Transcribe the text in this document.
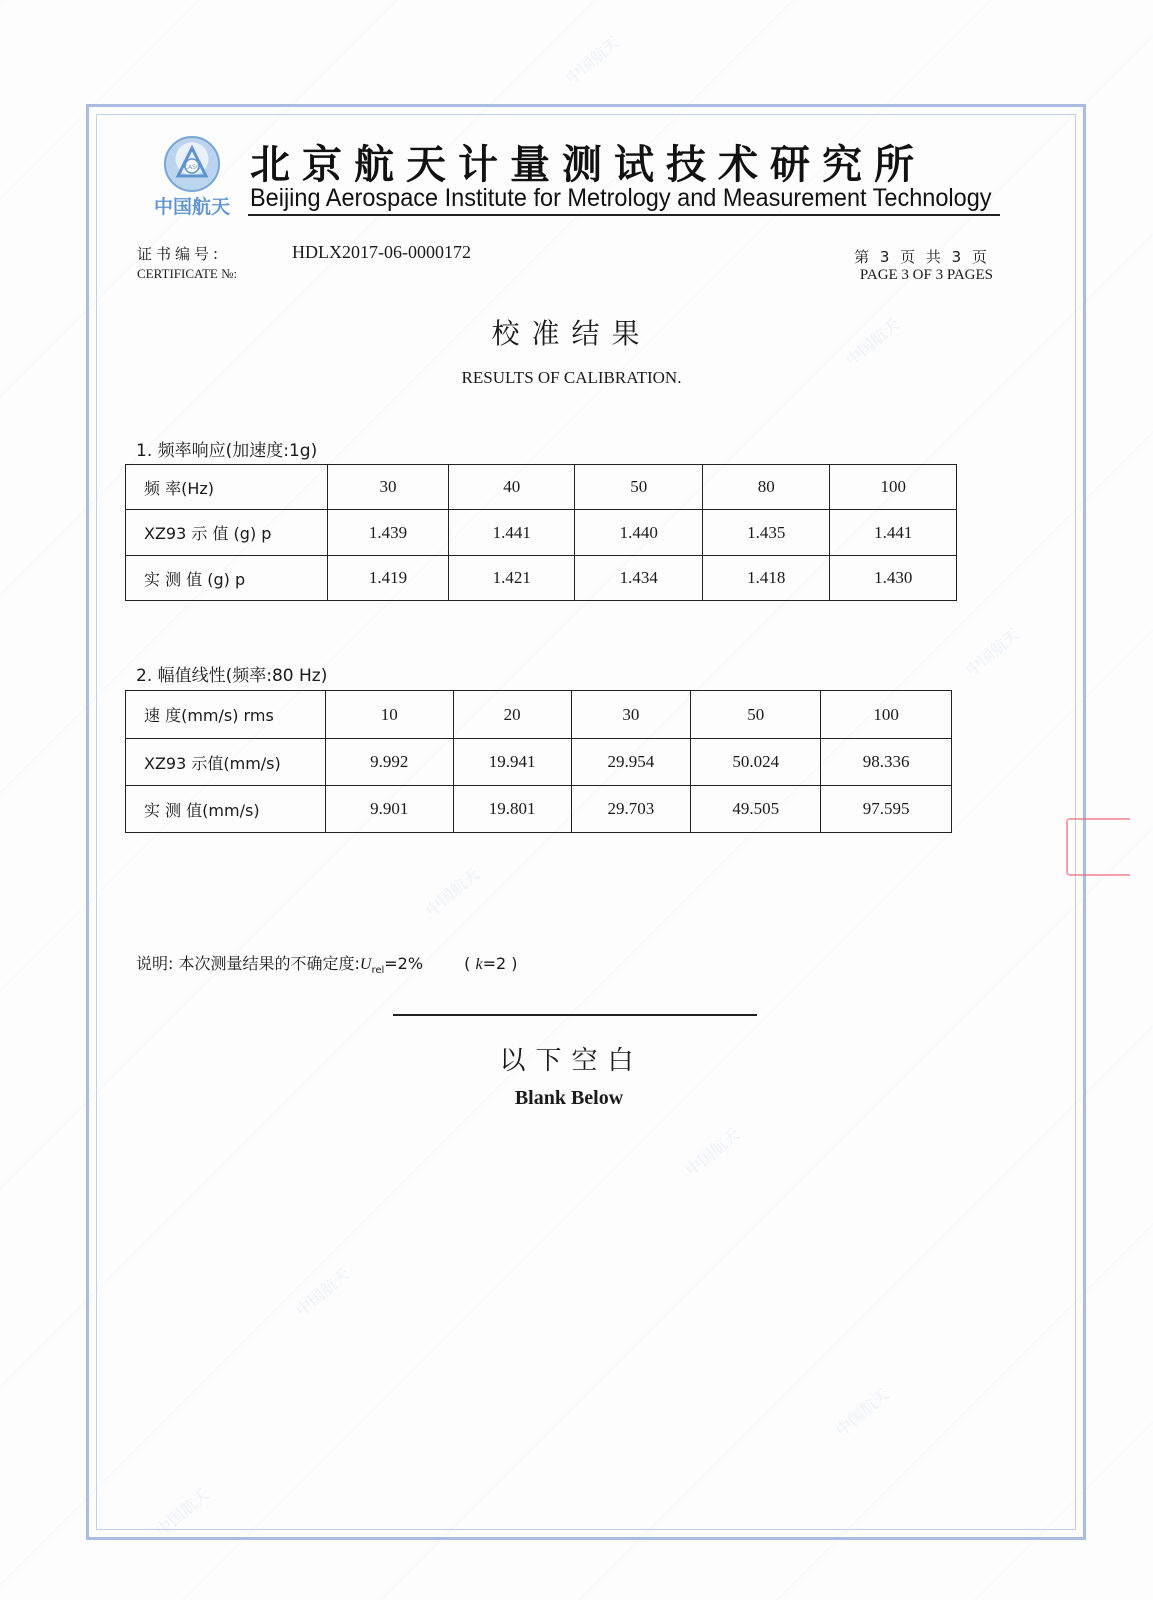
CASC
中国航天
北京航天计量测试技术研究所
Beijing Aerospace Institute for Metrology and Measurement Technology
证书编号:
CERTIFICATE №:
HDLX2017-06-0000172	第 3 页 共 3 页
PAGE 3 OF 3 PAGES
校准结果
RESULTS OF CALIBRATION.
1. 频率响应(加速度:1g)
频 率(Hz)	30	40	50	80	100
XZ93 示 值 (g) p	1.439	1.441	1.440	1.435	1.441
实 测 值 (g) p	1.419	1.421	1.434	1.418	1.430
2. 幅值线性(频率:80 Hz)
速 度(mm/s) rms	10	20	30	50	100
XZ93 示值(mm/s)	9.992	19.941	29.954	50.024	98.336
实 测 值(mm/s)	9.901	19.801	29.703	49.505	97.595
说明: 本次测量结果的不确定度$:U_{rel}=2\%$	( k=2 )
以下空白
Blank Below
中国航天
中国航天
中国航天
中国航天
中国航天
中国航天
中国航天
中国航天
